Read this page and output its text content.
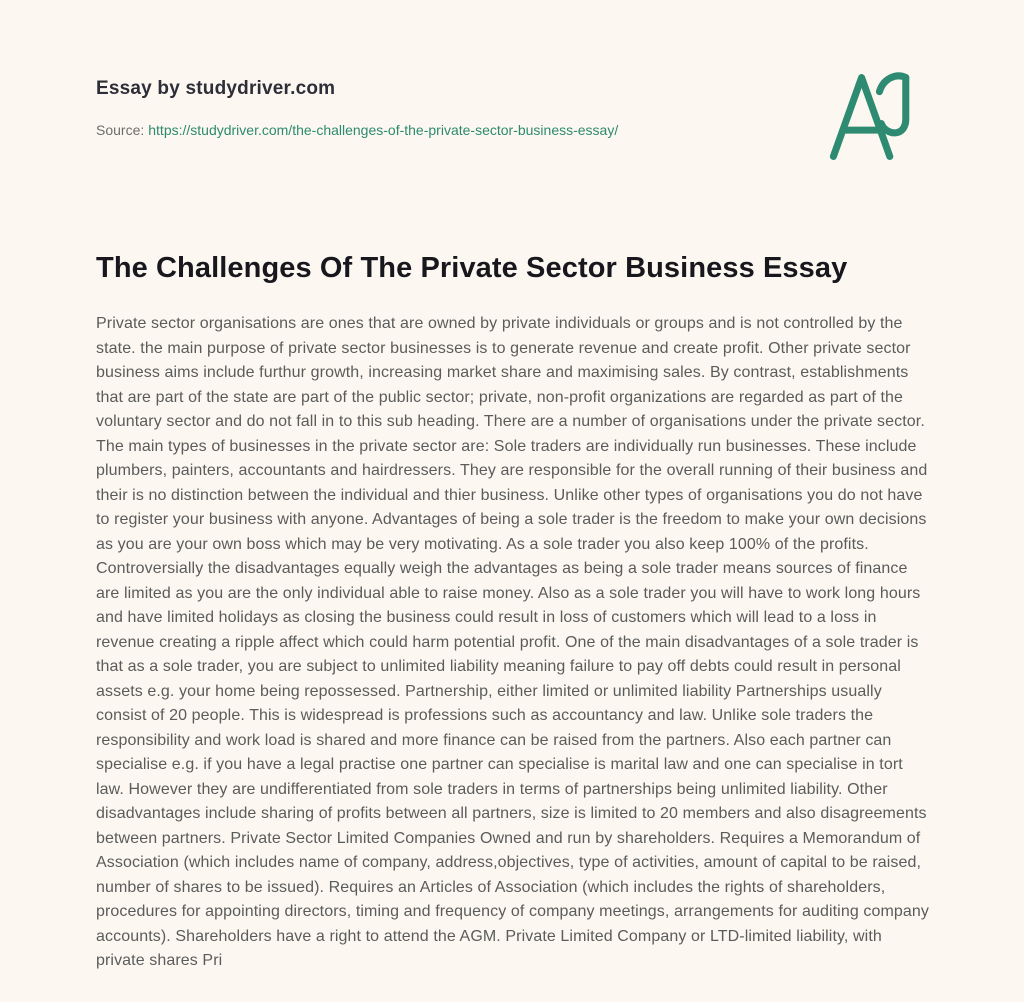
Essay by studydriver.com

Source: https://studydriver.com/the-challenges-of-the-private-sector-business-essay/

The Challenges Of The Private Sector Business Essay

Private sector organisations are ones that are owned by private individuals or groups and is not controlled by the state. the main purpose of private sector businesses is to generate revenue and create profit. Other private sector business aims include furthur growth, increasing market share and maximising sales. By contrast, establishments that are part of the state are part of the public sector; private, non-profit organizations are regarded as part of the voluntary sector and do not fall in to this sub heading. There are a number of organisations under the private sector. The main types of businesses in the private sector are: Sole traders are individually run businesses. These include plumbers, painters, accountants and hairdressers. They are responsible for the overall running of their business and their is no distinction between the individual and thier business. Unlike other types of organisations you do not have to register your business with anyone. Advantages of being a sole trader is the freedom to make your own decisions as you are your own boss which may be very motivating. As a sole trader you also keep 100% of the profits. Controversially the disadvantages equally weigh the advantages as being a sole trader means sources of finance are limited as you are the only individual able to raise money. Also as a sole trader you will have to work long hours and have limited holidays as closing the business could result in loss of customers which will lead to a loss in revenue creating a ripple affect which could harm potential profit. One of the main disadvantages of a sole trader is that as a sole trader, you are subject to unlimited liability meaning failure to pay off debts could result in personal assets e.g. your home being repossessed. Partnership, either limited or unlimited liability Partnerships usually consist of 20 people. This is widespread is professions such as accountancy and law. Unlike sole traders the responsibility and work load is shared and more finance can be raised from the partners. Also each partner can specialise e.g. if you have a legal practise one partner can specialise is marital law and one can specialise in tort law. However they are undifferentiated from sole traders in terms of partnerships being unlimited liability. Other disadvantages include sharing of profits between all partners, size is limited to 20 members and also disagreements between partners. Private Sector Limited Companies Owned and run by shareholders. Requires a Memorandum of Association (which includes name of company, address,objectives, type of activities, amount of capital to be raised, number of shares to be issued). Requires an Articles of Association (which includes the rights of shareholders, procedures for appointing directors, timing and frequency of company meetings, arrangements for auditing company accounts). Shareholders have a right to attend the AGM. Private Limited Company or LTD-limited liability, with private shares Pri
